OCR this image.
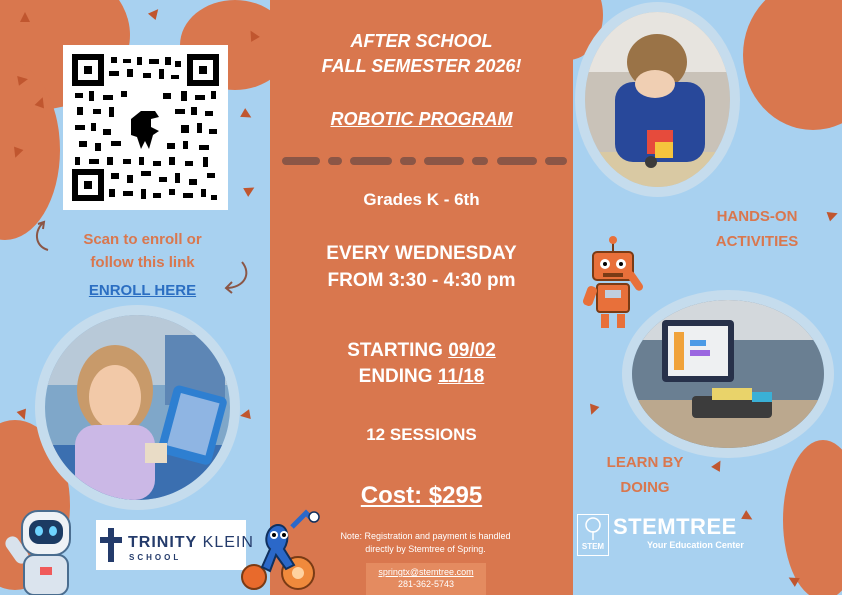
Scan to enroll or
follow this link
ENROLL HERE
TRINITY KLEIN
SCHOOL
AFTER SCHOOL
FALL SEMESTER 2026!
ROBOTIC PROGRAM
Grades K - 6th
EVERY WEDNESDAY
FROM 3:30 - 4:30 pm
STARTING 09/02
ENDING 11/18
12 SESSIONS
Cost: $295
Note: Registration and payment is handled directly by Stemtree of Spring.
springtx@stemtree.com
281-362-5743
HANDS-ON
ACTIVITIES
LEARN BY
DOING
STEM
STEMTREE
Your Education Center
